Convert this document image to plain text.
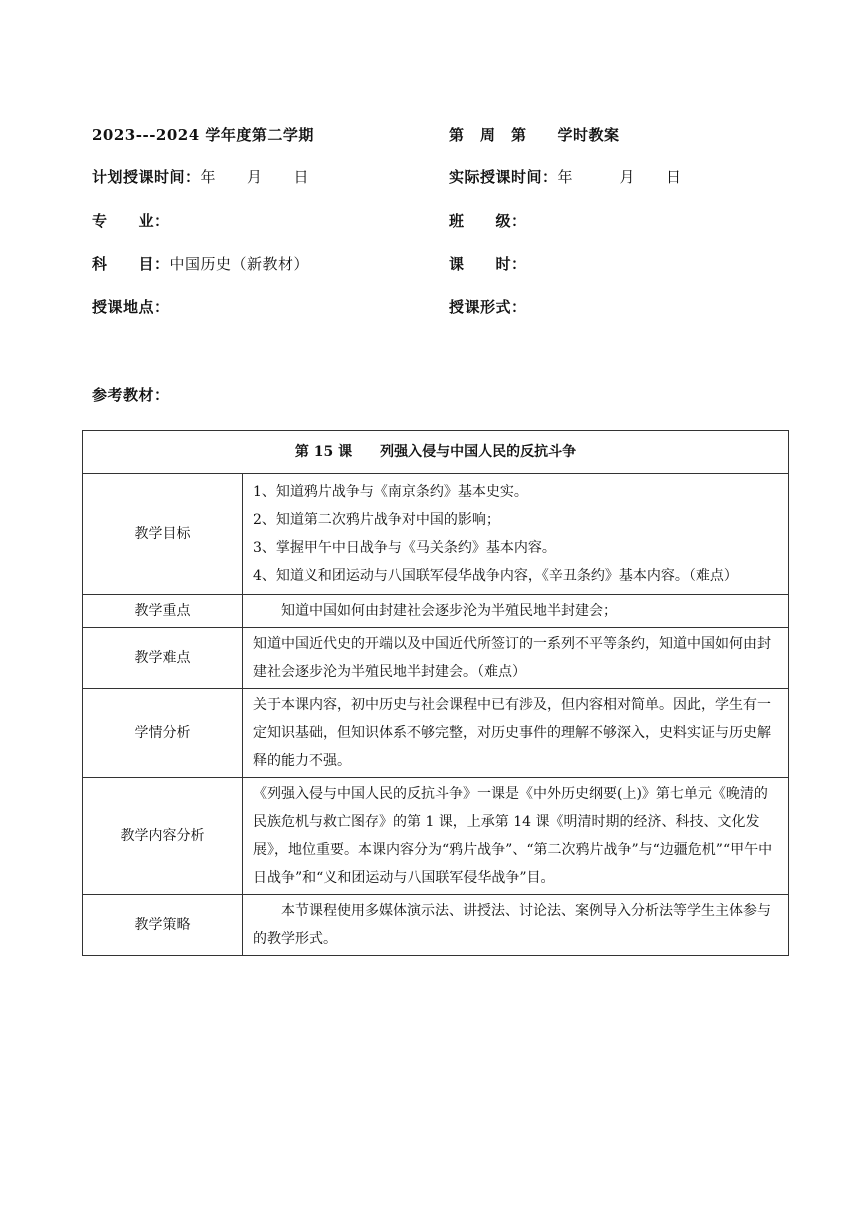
2023---2024 学年度第二学期	第　周　第　　学时教案
计划授课时间：年　　月　　日	实际授课时间：年　　　月　　日
专　　业：	班　　级：
科　　目：中国历史（新教材）	课　　时：
授课地点：	授课形式：
参考教材：
第 15 课　　列强入侵与中国人民的反抗斗争	
教学目标	1、知道鸦片战争与《南京条约》基本史实。
2、知道第二次鸦片战争对中国的影响；
3、掌握甲午中日战争与《马关条约》基本内容。
4、知道义和团运动与八国联军侵华战争内容，《辛丑条约》基本内容。（难点）

教学重点	知道中国如何由封建社会逐步沦为半殖民地半封建会；
教学难点	知道中国近代史的开端以及中国近代所签订的一系列不平等条约，知道中国如何由封建社会逐步沦为半殖民地半封建会。（难点）
学情分析	关于本课内容，初中历史与社会课程中已有涉及，但内容相对简单。因此，学生有一定知识基础，但知识体系不够完整，对历史事件的理解不够深入，史料实证与历史解释的能力不强。
教学内容分析	《列强入侵与中国人民的反抗斗争》一课是《中外历史纲要(上)》第七单元《晚清的民族危机与救亡图存》的第 1 课，上承第 14 课《明清时期的经济、科技、文化发展》，地位重要。本课内容分为“鸦片战争”、“第二次鸦片战争”与“边疆危机”“甲午中日战争”和“义和团运动与八国联军侵华战争”目。
教学策略	本节课程使用多媒体演示法、讲授法、讨论法、案例导入分析法等学生主体参与的教学形式。
